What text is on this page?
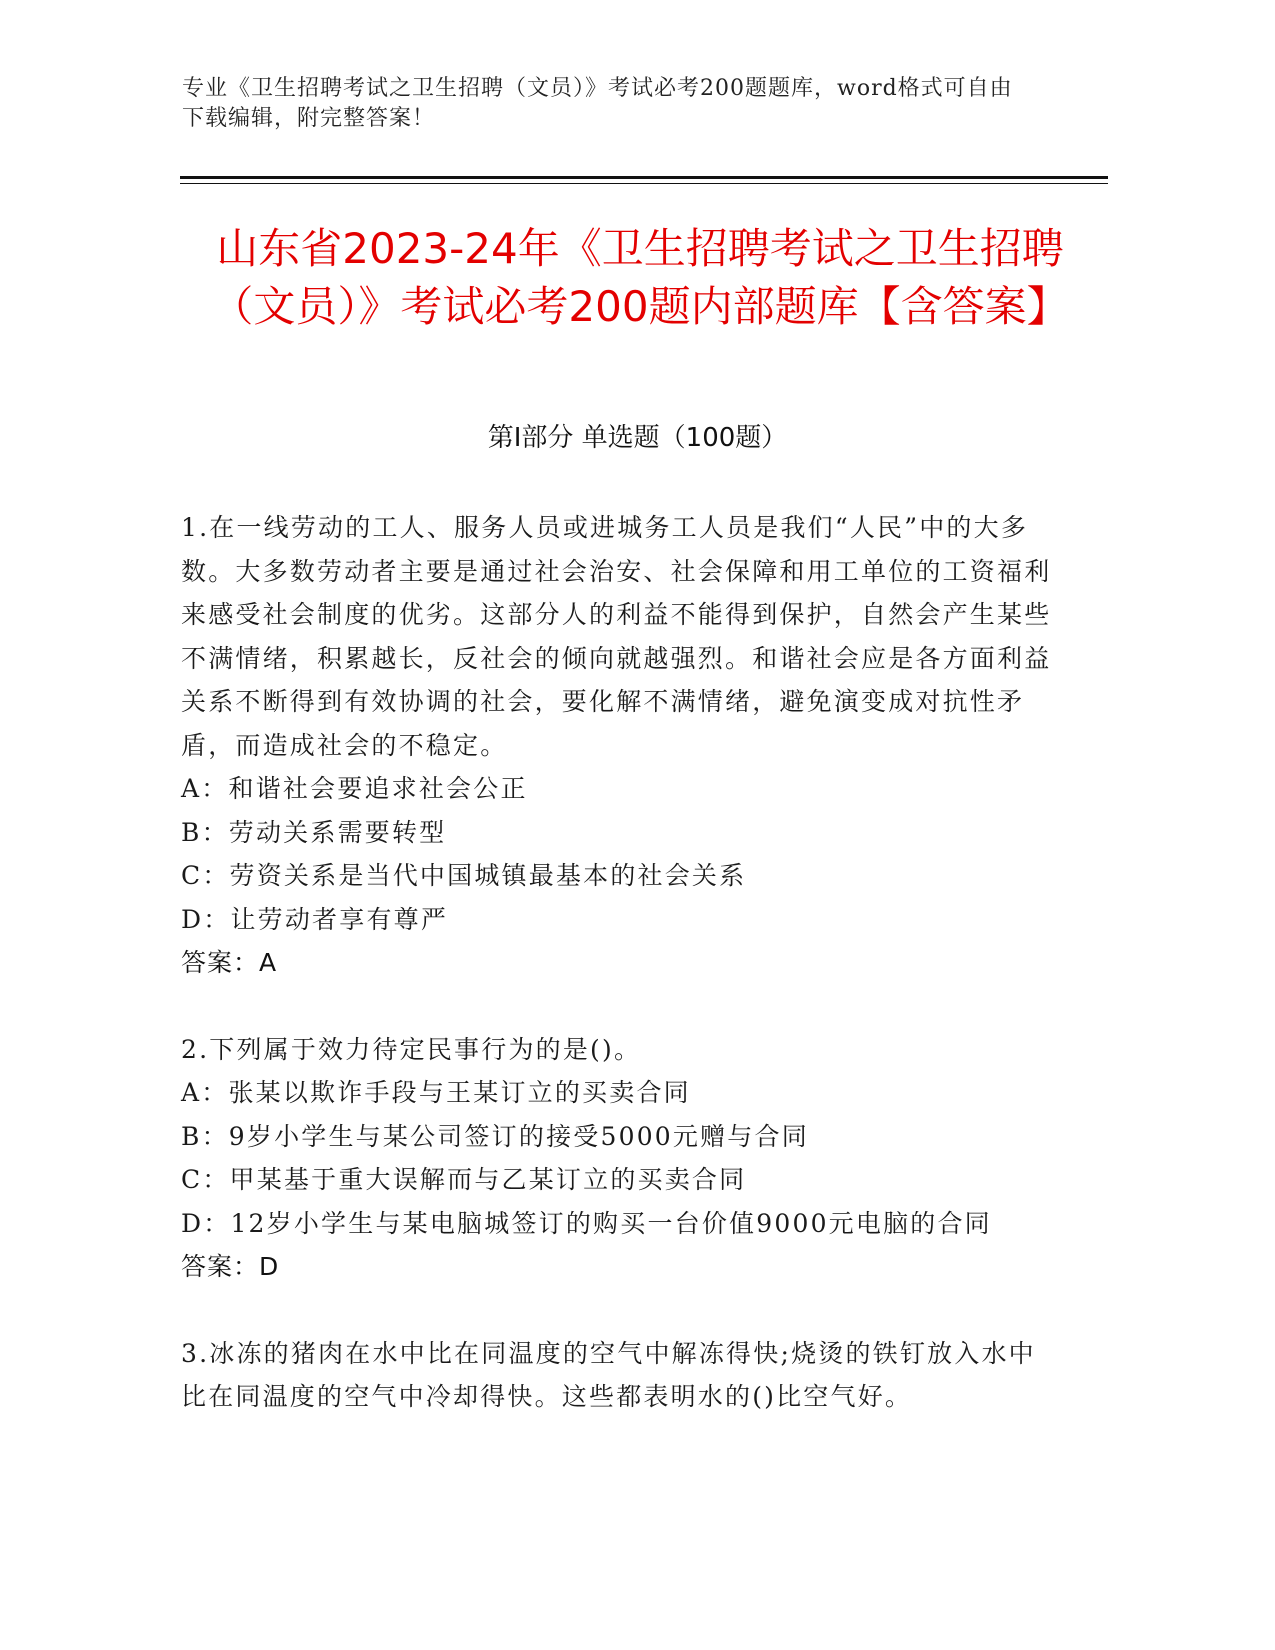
专业《卫生招聘考试之卫生招聘（文员）》考试必考200题题库，word格式可自由下载编辑，附完整答案！
山东省2023-24年《卫生招聘考试之卫生招聘（文员）》考试必考200题内部题库【含答案】
第Ⅰ部分 单选题（100题）

1.在一线劳动的工人、服务人员或进城务工人员是我们“人民”中的大多数。大多数劳动者主要是通过社会治安、社会保障和用工单位的工资福利来感受社会制度的优劣。这部分人的利益不能得到保护，自然会产生某些不满情绪，积累越长，反社会的倾向就越强烈。和谐社会应是各方面利益关系不断得到有效协调的社会，要化解不满情绪，避免演变成对抗性矛盾，而造成社会的不稳定。

A：和谐社会要追求社会公正

B：劳动关系需要转型

C：劳资关系是当代中国城镇最基本的社会关系

D：让劳动者享有尊严

答案：A

2.下列属于效力待定民事行为的是()。

A：张某以欺诈手段与王某订立的买卖合同

B：9岁小学生与某公司签订的接受5000元赠与合同

C：甲某基于重大误解而与乙某订立的买卖合同

D：12岁小学生与某电脑城签订的购买一台价值9000元电脑的合同

答案：D

3.冰冻的猪肉在水中比在同温度的空气中解冻得快;烧烫的铁钉放入水中比在同温度的空气中冷却得快。这些都表明水的()比空气好。
